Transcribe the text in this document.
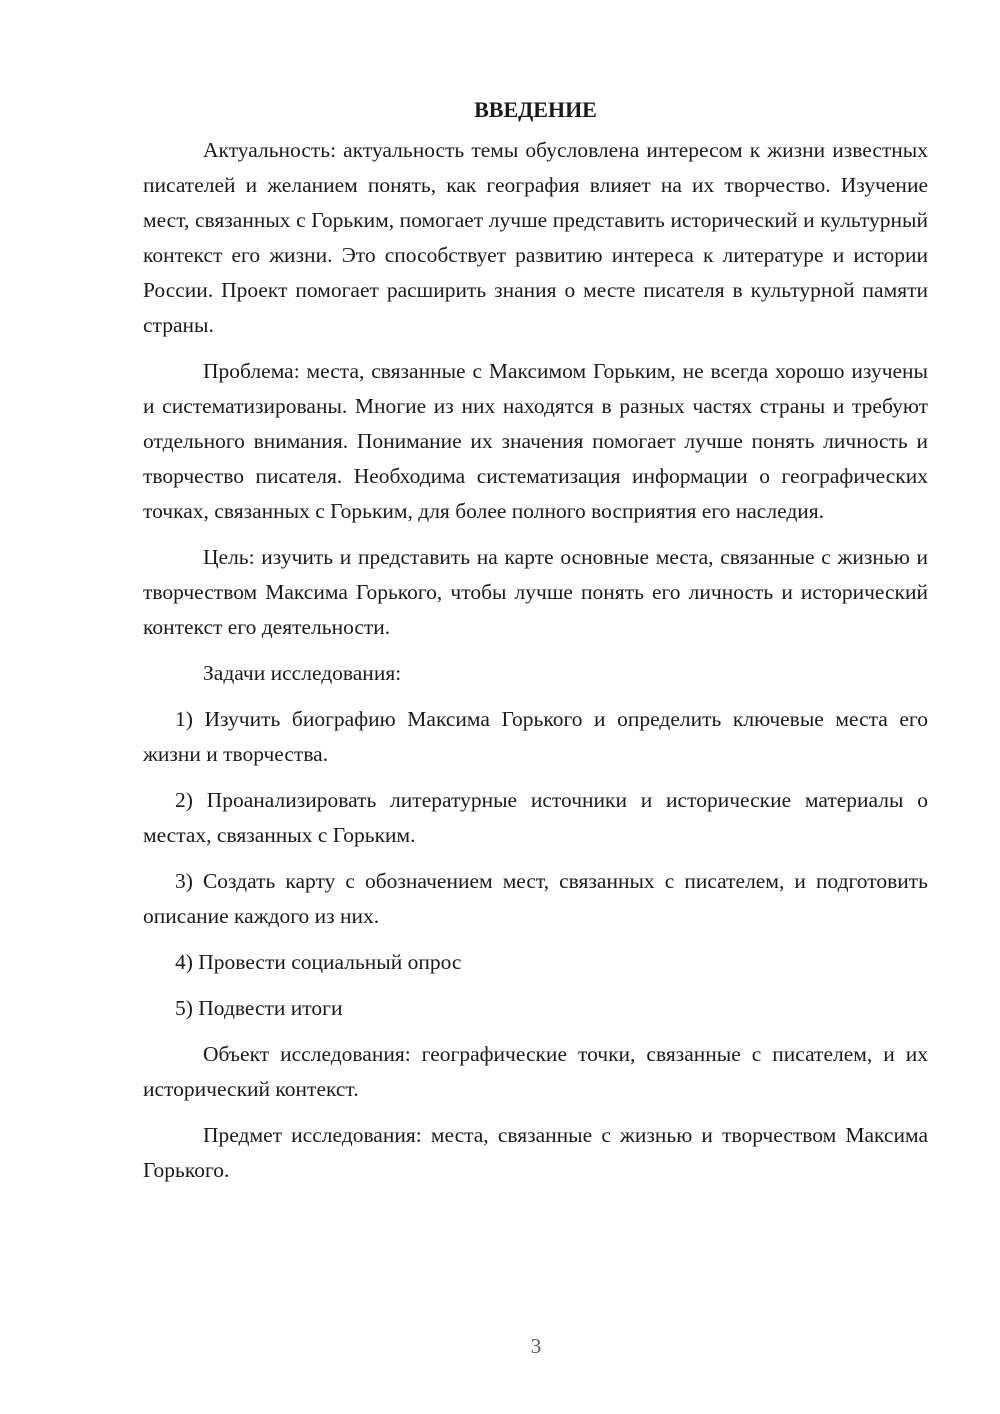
ВВЕДЕНИЕ

Актуальность: актуальность темы обусловлена интересом к жизни известных писателей и желанием понять, как география влияет на их творчество. Изучение мест, связанных с Горьким, помогает лучше представить исторический и культурный контекст его жизни. Это способствует развитию интереса к литературе и истории России. Проект помогает расширить знания о месте писателя в культурной памяти страны.

Проблема: места, связанные с Максимом Горьким, не всегда хорошо изучены и систематизированы. Многие из них находятся в разных частях страны и требуют отдельного внимания. Понимание их значения помогает лучше понять личность и творчество писателя. Необходима систематизация информации о географических точках, связанных с Горьким, для более полного восприятия его наследия.

Цель: изучить и представить на карте основные места, связанные с жизнью и творчеством Максима Горького, чтобы лучше понять его личность и исторический контекст его деятельности.

Задачи исследования:

1) Изучить биографию Максима Горького и определить ключевые места его жизни и творчества.

2) Проанализировать литературные источники и исторические материалы о местах, связанных с Горьким.

3) Создать карту с обозначением мест, связанных с писателем, и подготовить описание каждого из них.

4) Провести социальный опрос

5) Подвести итоги

Объект исследования: географические точки, связанные с писателем, и их исторический контекст.

Предмет исследования: места, связанные с жизнью и творчеством Максима Горького.

3
